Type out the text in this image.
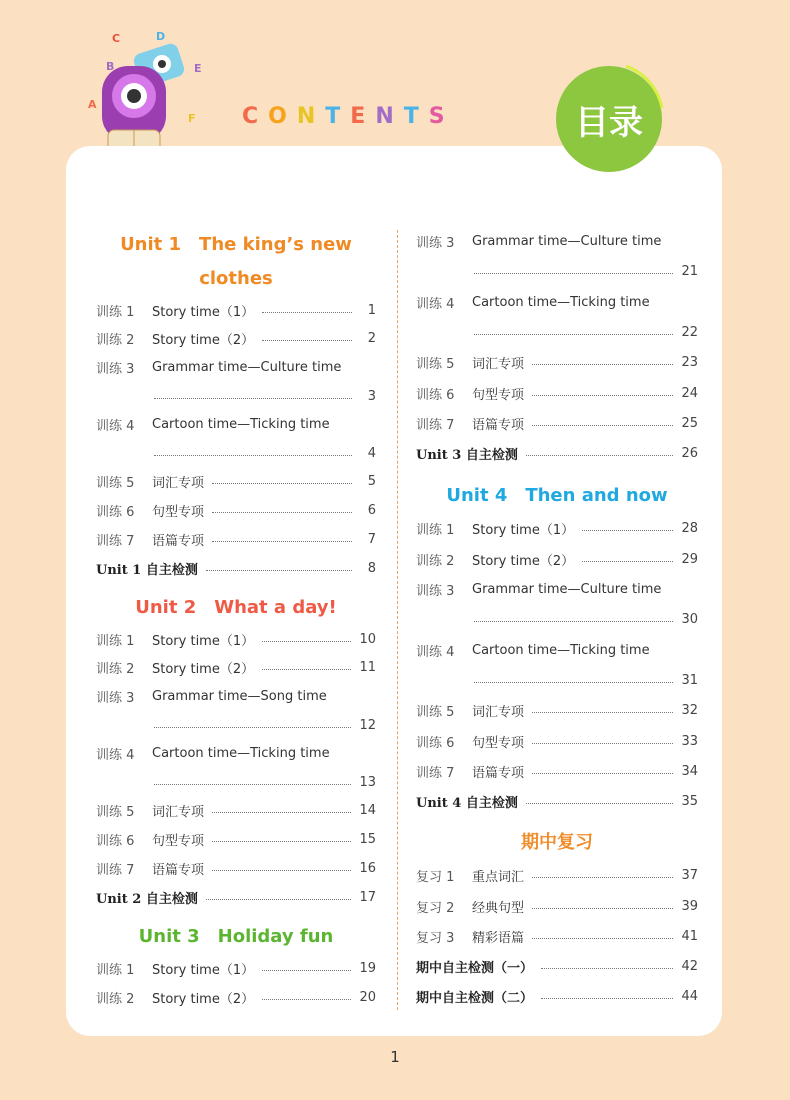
A
B
C	D
E
F CONTENTS	目录
Unit 1　The king’s new
clothes
训练 1	Story time（1）	1
训练 2	Story time（2）	2
训练 3	Grammar time—Culture time
3
训练 4	Cartoon time—Ticking time
4
训练 5	词汇专项	5
训练 6	句型专项	6
训练 7	语篇专项	7
Unit 1 自主检测	8
Unit 2　What a day!
训练 1	Story time（1）	10
训练 2	Story time（2）	11
训练 3	Grammar time—Song time
12
训练 4	Cartoon time—Ticking time
13
训练 5	词汇专项	14
训练 6	句型专项	15
训练 7	语篇专项	16
Unit 2 自主检测	17
Unit 3　Holiday fun
训练 1	Story time（1）	19
训练 2	Story time（2）	20
训练 3	Grammar time—Culture time
21
训练 4	Cartoon time—Ticking time
22
训练 5	词汇专项	23
训练 6	句型专项	24
训练 7	语篇专项	25
Unit 3 自主检测	26
Unit 4　Then and now
训练 1	Story time（1）	28
训练 2	Story time（2）	29
训练 3	Grammar time—Culture time
30
训练 4	Cartoon time—Ticking time
31
训练 5	词汇专项	32
训练 6	句型专项	33
训练 7	语篇专项	34
Unit 4 自主检测	35
期中复习
复习 1	重点词汇	37
复习 2	经典句型	39
复习 3	精彩语篇	41
期中自主检测（一）	42
期中自主检测（二）	44
1
